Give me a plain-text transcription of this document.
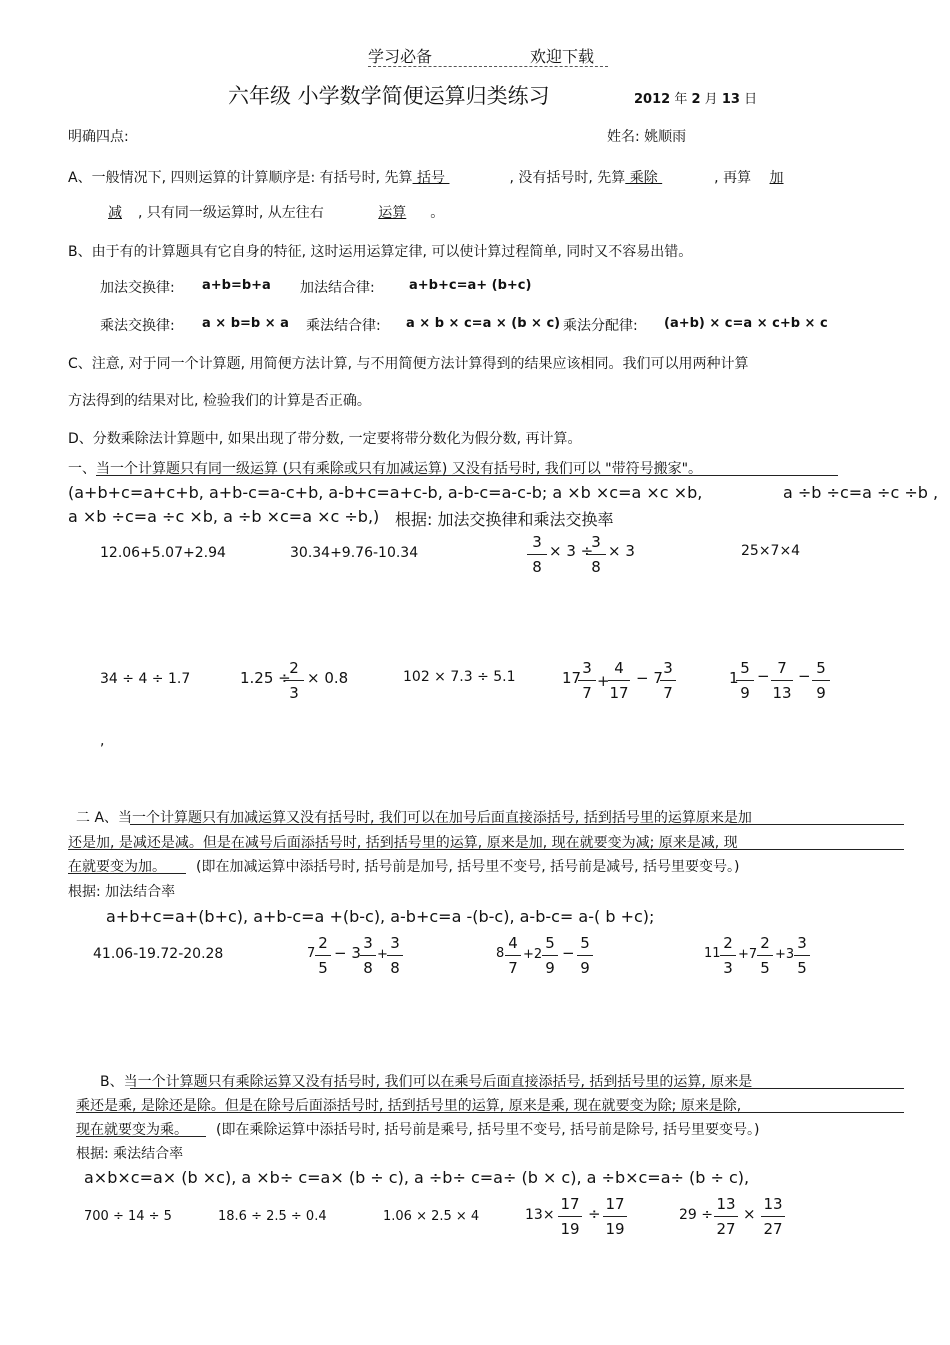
学习必备	欢迎下载
六年级 小学数学简便运算归类练习	2012 年 2 月 13 日
明确四点:	姓名: 姚顺雨
A、一般情况下, 四则运算的计算顺序是: 有括号时, 先算 括号	, 没有括号时, 先算 乘除	, 再算 加
减 , 只有同一级运算时, 从左往右	运算 。
B、由于有的计算题具有它自身的特征, 这时运用运算定律, 可以使计算过程简单, 同时又不容易出错。
加法交换律: a+b=b+a 加法结合律:	a+b+c=a+ (b+c)
乘法交换律: a × b=b × a 乘法结合律: a × b × c=a × (b × c) 乘法分配律: (a+b) × c=a × c+b × c
C、注意, 对于同一个计算题, 用简便方法计算, 与不用简便方法计算得到的结果应该相同。我们可以用两种计算
方法得到的结果对比, 检验我们的计算是否正确。
D、分数乘除法计算题中, 如果出现了带分数, 一定要将带分数化为假分数, 再计算。
一、当一个计算题只有同一级运算 (只有乘除或只有加减运算) 又没有括号时, 我们可以 "带符号搬家"。
(a+b+c=a+c+b, a+b-c=a-c+b, a-b+c=a+c-b, a-b-c=a-c-b; a ×b ×c=a ×c ×b,	a ÷b ÷c=a ÷c ÷b ,
a ×b ÷c=a ÷c ×b, a ÷b ×c=a ×c ÷b,) 根据: 加法交换律和乘法交换率
12.06+5.07+2.94	30.34+9.76-10.34	$\frac{3}{8} \times 3$ ÷
$\frac{3}{8} \times 3$	25×7×4
34 ÷ 4 ÷ 1.7	1.25 ÷
$\frac{2}{3} \times 0.8$	102 × 7.3 ÷ 5.1	17
$\frac{3}{7}$ +
$\frac{4}{17} - 7$
$\frac{3}{7}$	1
$\frac{5}{9} - \frac{7}{13} - \frac{5}{9}$
,
二 A、当一个计算题只有加减运算又没有括号时, 我们可以在加号后面直接添括号, 括到括号里的运算原来是加
还是加, 是减还是减。但是在减号后面添括号时, 括到括号里的运算, 原来是加, 现在就要变为减; 原来是减, 现
在就要变为加。 (即在加减运算中添括号时, 括号前是加号, 括号里不变号, 括号前是减号, 括号里要变号。)
根据: 加法结合率
a+b+c=a+(b+c), a+b-c=a +(b-c), a-b+c=a -(b-c), a-b-c= a-( b +c);
41.06-19.72-20.28	$7 \frac{2}{5} - 3 \frac{3}{8} + \frac{3}{8}$	$8 \frac{4}{7} +2 \frac{5}{9} - \frac{5}{9}$	$11 \frac{2}{3} +7 \frac{2}{5} +3 \frac{3}{5}$
B、当一个计算题只有乘除运算又没有括号时, 我们可以在乘号后面直接添括号, 括到括号里的运算, 原来是
乘还是乘, 是除还是除。但是在除号后面添括号时, 括到括号里的运算, 原来是乘, 现在就要变为除; 原来是除,
现在就要变为乘。 (即在乘除运算中添括号时, 括号前是乘号, 括号里不变号, 括号前是除号, 括号里要变号。)
根据: 乘法结合率
a×b×c=a× (b ×c), a ×b÷ c=a× (b ÷ c), a ÷b÷ c=a÷ (b × c), a ÷b×c=a÷ (b ÷ c),
700 ÷ 14 ÷ 5	18.6 ÷ 2.5 ÷ 0.4	1.06 × 2.5 × 4	$13\times \frac{17}{19} \div \frac{17}{19}$	$29 \div \frac{13}{27} \times \frac{13}{27}$
